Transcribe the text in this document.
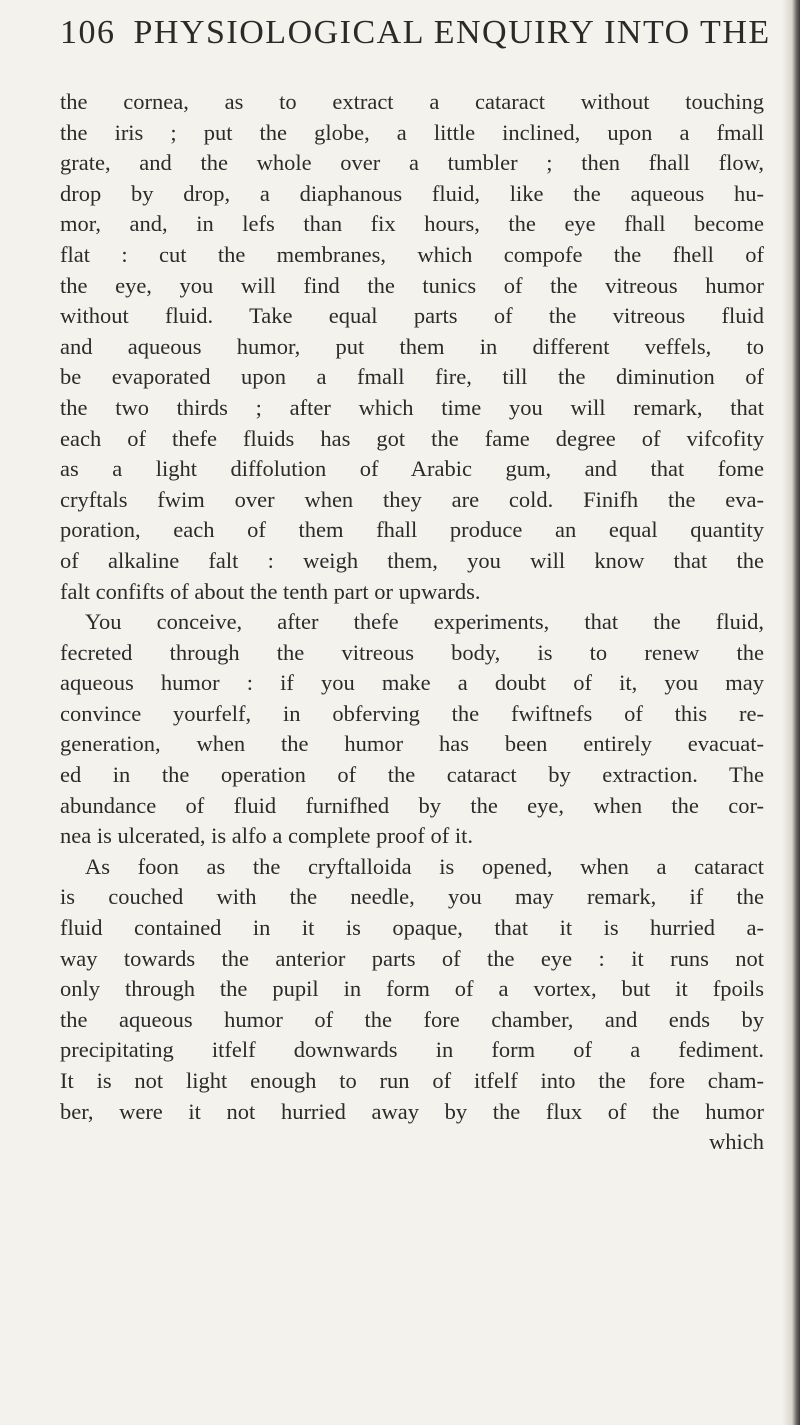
106 PHYSIOLOGICAL ENQUIRY INTO THE
the cornea, as to extract a cataract without touching
the iris ; put the globe, a little inclined, upon a fmall
grate, and the whole over a tumbler ; then fhall flow,
drop by drop, a diaphanous fluid, like the aqueous hu-
mor, and, in lefs than fix hours, the eye fhall become
flat : cut the membranes, which compofe the fhell of
the eye, you will find the tunics of the vitreous humor
without fluid. Take equal parts of the vitreous fluid
and aqueous humor, put them in different veffels, to
be evaporated upon a fmall fire, till the diminution of
the two thirds ; after which time you will remark, that
each of thefe fluids has got the fame degree of vifcofity
as a light diffolution of Arabic gum, and that fome
cryftals fwim over when they are cold. Finifh the eva-
poration, each of them fhall produce an equal quantity
of alkaline falt : weigh them, you will know that the
falt confifts of about the tenth part or upwards.
You conceive, after thefe experiments, that the fluid,
fecreted through the vitreous body, is to renew the
aqueous humor : if you make a doubt of it, you may
convince yourfelf, in obferving the fwiftnefs of this re-
generation, when the humor has been entirely evacuat-
ed in the operation of the cataract by extraction. The
abundance of fluid furnifhed by the eye, when the cor-
nea is ulcerated, is alfo a complete proof of it.
As foon as the cryftalloida is opened, when a cataract
is couched with the needle, you may remark, if the
fluid contained in it is opaque, that it is hurried a-
way towards the anterior parts of the eye : it runs not
only through the pupil in form of a vortex, but it fpoils
the aqueous humor of the fore chamber, and ends by
precipitating itfelf downwards in form of a fediment.
It is not light enough to run of itfelf into the fore cham-
ber, were it not hurried away by the flux of the humor
which
